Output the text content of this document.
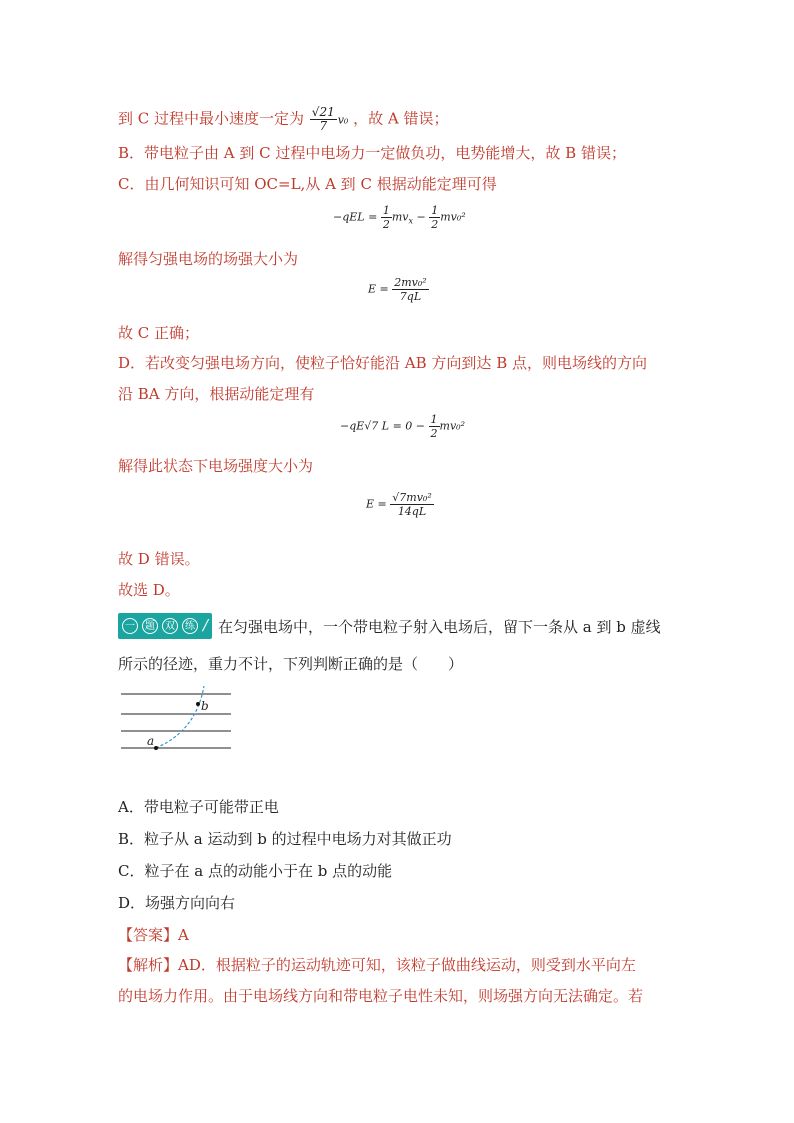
到 C 过程中最小速度一定为 $\frac{√21}{7} v_0$ ，故 A 错误；
B．带电粒子由 A 到 C 过程中电场力一定做负功，电势能增大，故 B 错误；
C．由几何知识可知 OC=L,从 A 到 C 根据动能定理可得
$-qEL = \frac{1}{2} mv_x - \frac{1}{2} mv_0^2$
解得匀强电场的场强大小为
$E = \frac{\text{2mv₀²}}{7qL}$
故 C 正确；
D．若改变匀强电场方向，使粒子恰好能沿 AB 方向到达 B 点，则电场线的方向
沿 BA 方向，根据动能定理有
−qE√7 $L = 0 - \frac{1}{2} mv_0^2$
解得此状态下电场强度大小为
$E = \frac{\text{√7mv₀²}}{14qL}$
故 D 错误。
故选 D。
一	题	双	练 / 在匀强电场中，一个带电粒子射入电场后，留下一条从 a 到 b 虚线
所示的径迹，重力不计，下列判断正确的是（　　）
a
b
A．带电粒子可能带正电
B．粒子从 a 运动到 b 的过程中电场力对其做正功
C．粒子在 a 点的动能小于在 b 点的动能
D．场强方向向右
【答案】A
【解析】AD．根据粒子的运动轨迹可知，该粒子做曲线运动，则受到水平向左
的电场力作用。由于电场线方向和带电粒子电性未知，则场强方向无法确定。若
